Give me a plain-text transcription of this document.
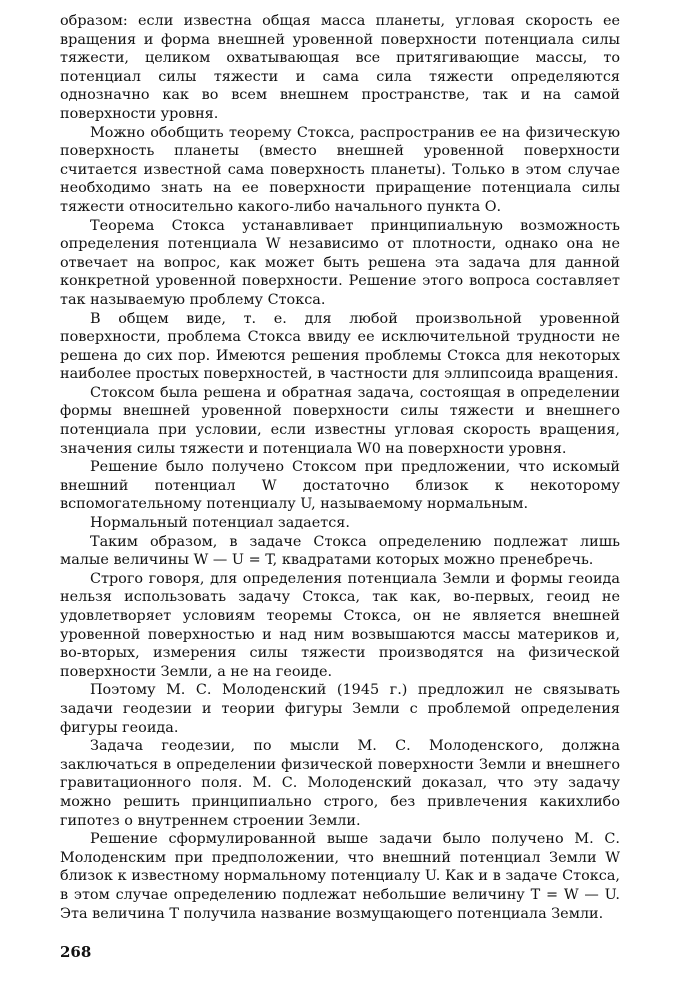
образом: если известна общая масса планеты, угловая скорость ее вращения и форма внешней уровенной поверхности потенциала силы тяжести, целиком охватывающая все притягивающие массы, то потенциал силы тяжести и сама сила тяжести определяются однозначно как во всем внешнем пространстве, так и на самой поверхности уровня.

Можно обобщить теорему Стокса, распространив ее на физическую поверхность планеты (вместо внешней уровенной поверхности считается известной сама поверхность планеты). Только в этом случае необходимо знать на ее поверхности приращение потенциала силы тяжести относительно какого-либо начального пункта О.

Теорема Стокса устанавливает принципиальную возможность определения потенциала W независимо от плотности, однако она не отвечает на вопрос, как может быть решена эта задача для данной конкретной уровенной поверхности. Решение этого вопроса составляет так называемую проблему Стокса.

В общем виде, т. е. для любой произвольной уровенной поверхности, проблема Стокса ввиду ее исключительной трудности не решена до сих пор. Имеются решения проблемы Стокса для некоторых наиболее простых поверхностей, в частности для эллипсоида вращения.

Стоксом была решена и обратная задача, состоящая в определении формы внешней уровенной поверхности силы тяжести и внешнего потенциала при условии, если известны угловая скорость вращения, значения силы тяжести и потенциала W0 на поверхности уровня.

Решение было получено Стоксом при предложении, что искомый внешний потенциал W достаточно близок к некоторому вспомогательному потенциалу U, называемому нормальным.

Нормальный потенциал задается.

Таким образом, в задаче Стокса определению подлежат лишь малые величины W — U = T, квадратами которых можно пренебречь.

Строго говоря, для определения потенциала Земли и формы геоида нельзя использовать задачу Стокса, так как, во-первых, геоид не удовлетворяет условиям теоремы Стокса, он не является внешней уровенной поверхностью и над ним возвышаются массы материков и, во-вторых, измерения силы тяжести производятся на физической поверхности Земли, а не на геоиде.

Поэтому М. С. Молоденский (1945 г.) предложил не связывать задачи геодезии и теории фигуры Земли с проблемой определения фигуры геоида.

Задача геодезии, по мысли М. С. Молоденского, должна заключаться в определении физической поверхности Земли и внешнего гравитационного поля. М. С. Молоденский доказал, что эту задачу можно решить принципиально строго, без привлечения какихлибо гипотез о внутреннем строении Земли.

Решение сформулированной выше задачи было получено М. С. Молоденским при предположении, что внешний потенциал Земли W близок к известному нормальному потенциалу U. Как и в задаче Стокса, в этом случае определению подлежат небольшие величину T = W — U. Эта величина T получила название возмущающего потенциала Земли.

268
